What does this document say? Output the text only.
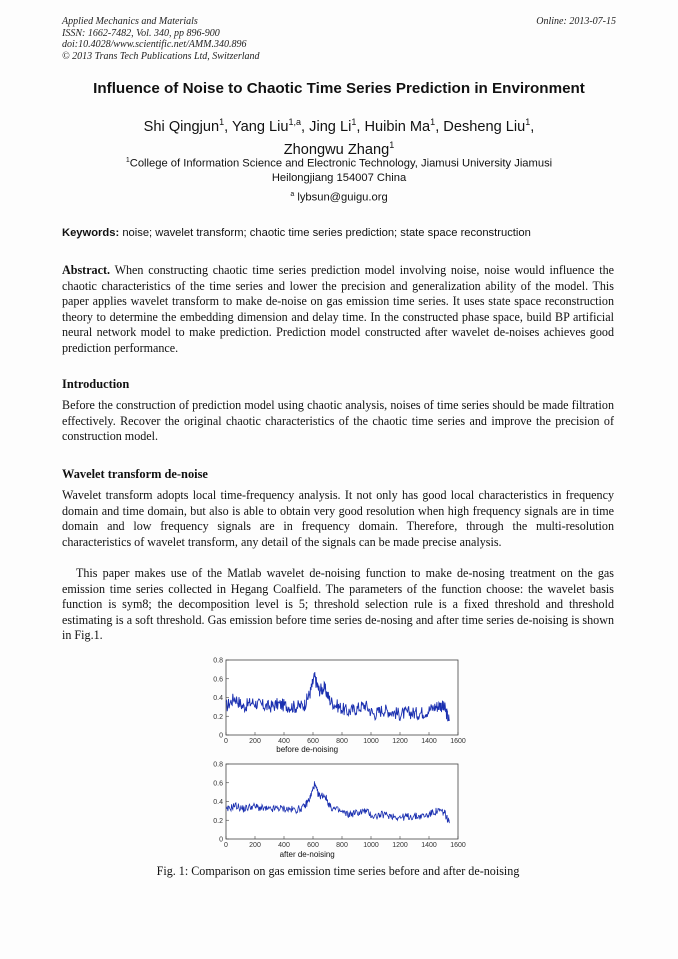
Applied Mechanics and Materials
ISSN: 1662-7482, Vol. 340, pp 896-900
doi:10.4028/www.scientific.net/AMM.340.896
© 2013 Trans Tech Publications Ltd, Switzerland
Online: 2013-07-15
Influence of Noise to Chaotic Time Series Prediction in Environment
Shi Qingjun$^1$, Yang Liu$^{1,a}$, Jing Li$^1$, Huibin Ma$^1$, Desheng Liu$^1$,
Zhongwu Zhang$^1$
$^1$College of Information Science and Electronic Technology, Jiamusi University Jiamusi
Heilongjiang 154007 China
$^a$ lybsun@guigu.org
Keywords: noise; wavelet transform; chaotic time series prediction; state space reconstruction
Abstract. When constructing chaotic time series prediction model involving noise, noise would influence the chaotic characteristics of the time series and lower the precision and generalization ability of the model. This paper applies wavelet transform to make de-noise on gas emission time series. It uses state space reconstruction theory to determine the embedding dimension and delay time. In the constructed phase space, build BP artificial neural network model to make prediction. Prediction model constructed after wavelet de-noises achieves good prediction performance.
Introduction
Before the construction of prediction model using chaotic analysis, noises of time series should be made filtration effectively. Recover the original chaotic characteristics of the chaotic time series and improve the precision of construction model.
Wavelet transform de-noise
Wavelet transform adopts local time-frequency analysis. It not only has good local characteristics in frequency domain and time domain, but also is able to obtain very good resolution when high frequency signals are in time domain and low frequency signals are in frequency domain. Therefore, through the multi-resolution characteristics of wavelet transform, any detail of the signals can be made precise analysis.
This paper makes use of the Matlab wavelet de-noising function to make de-nosing treatment on the gas emission time series collected in Hegang Coalfield. The parameters of the function choose: the wavelet basis function is sym8; the decomposition level is 5; threshold selection rule is a fixed threshold and threshold estimating is a soft threshold. Gas emission before time series de-nosing and after time series de-noising is shown in Fig.1.
0	200 400 600 800 1000 1200 1400 1600
0
0.2
0.4
0.6
0.8
before de-noising
0	200 400 600 800 1000 1200 1400 1600
0
0.2
0.4
0.6
0.8
after de-noising
Fig. 1: Comparison on gas emission time series before and after de-noising
